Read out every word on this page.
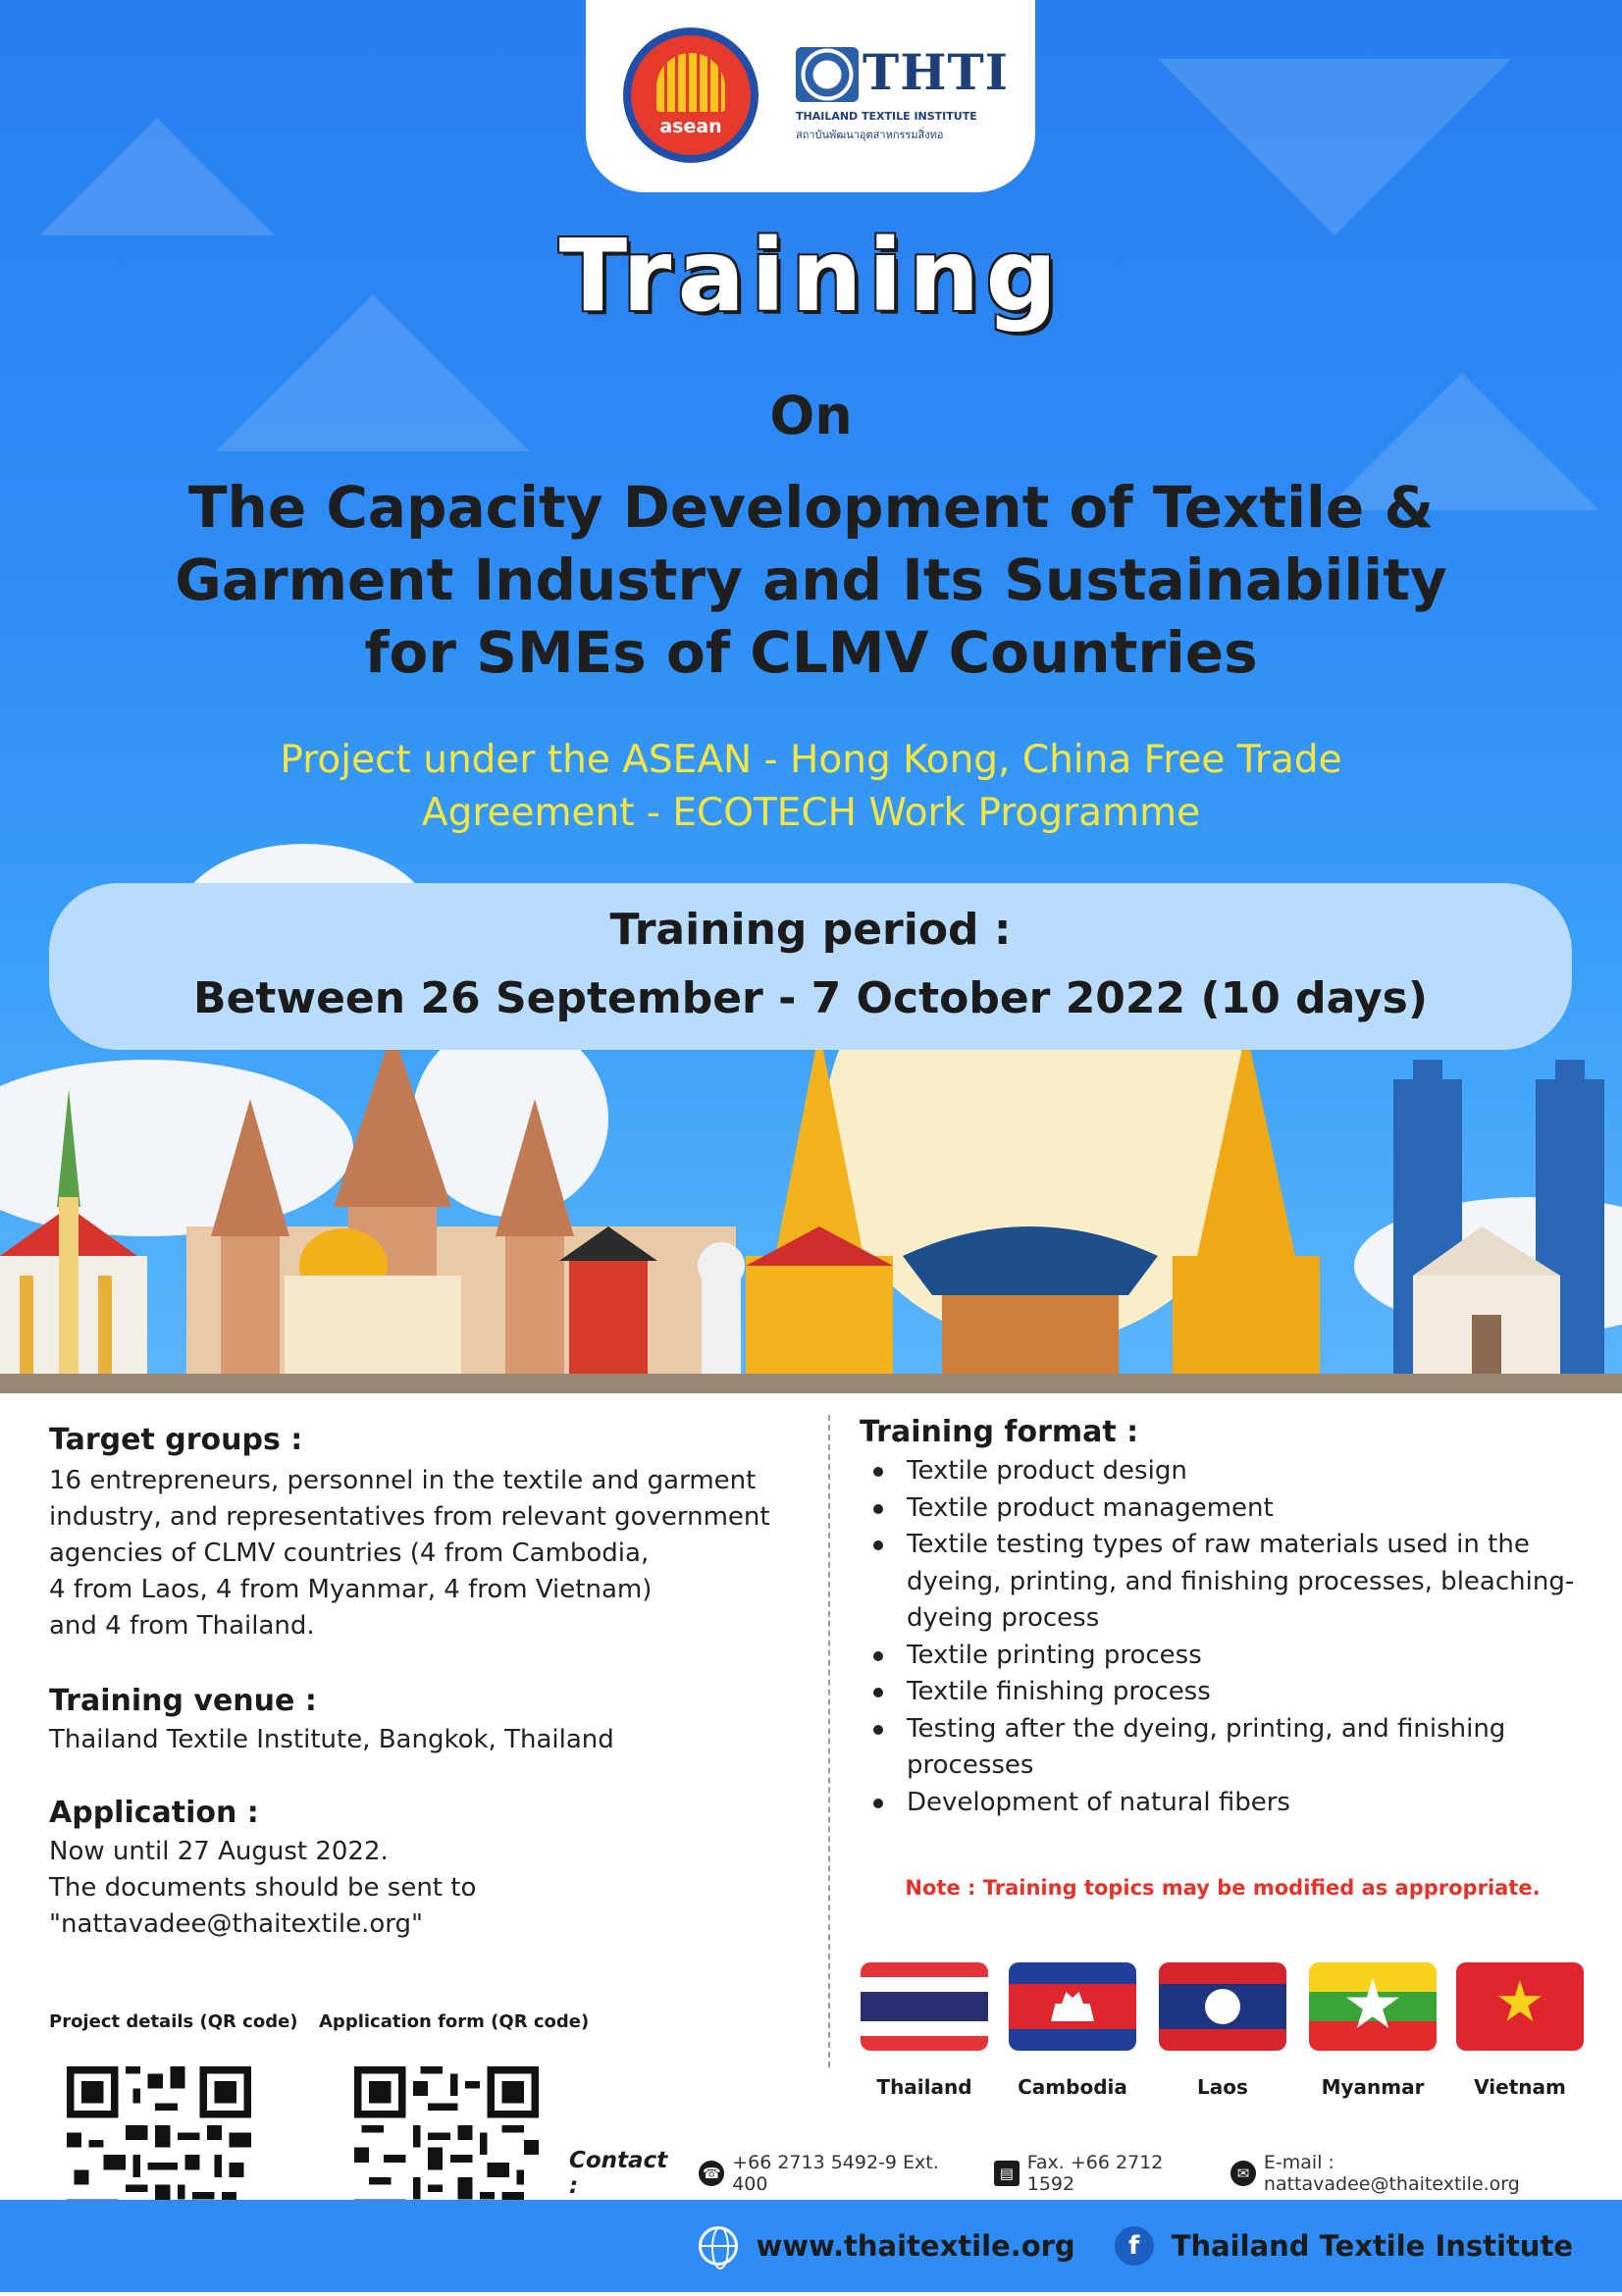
asean
THTI
THAILAND TEXTILE INSTITUTE
สถาบันพัฒนาอุตสาหกรรมสิ่งทอ
Training
On
The Capacity Development of Textile &
Garment Industry and Its Sustainability
for SMEs of CLMV Countries
Project under the ASEAN - Hong Kong, China Free Trade
Agreement - ECOTECH Work Programme
Training period :
Between 26 September - 7 October 2022 (10 days)
Target groups :
16 entrepreneurs, personnel in the textile and garment
industry, and representatives from relevant government
agencies of CLMV countries (4 from Cambodia,
4 from Laos, 4 from Myanmar, 4 from Vietnam)
and 4 from Thailand.
Training venue :
Thailand Textile Institute, Bangkok, Thailand
Application :
Now until 27 August 2022.
The documents should be sent to
"nattavadee@thaitextile.org"
Training format :
Textile product design
Textile product management
Textile testing types of raw materials used in the dyeing, printing, and finishing processes, bleaching-dyeing process
Textile printing process
Textile finishing process
Testing after the dyeing, printing, and finishing processes
Development of natural fibers
Note : Training topics may be modified as appropriate.
Thailand	Cambodia	Laos	Myanmar	Vietnam
Project details (QR code) Application form (QR code)
Contact :	☎ +66 2713 5492-9 Ext. 400	▤ Fax. +66 2712 1592	✉ E-mail : nattavadee@thaitextile.org
www.thaitextile.org	f	Thailand Textile Institute
